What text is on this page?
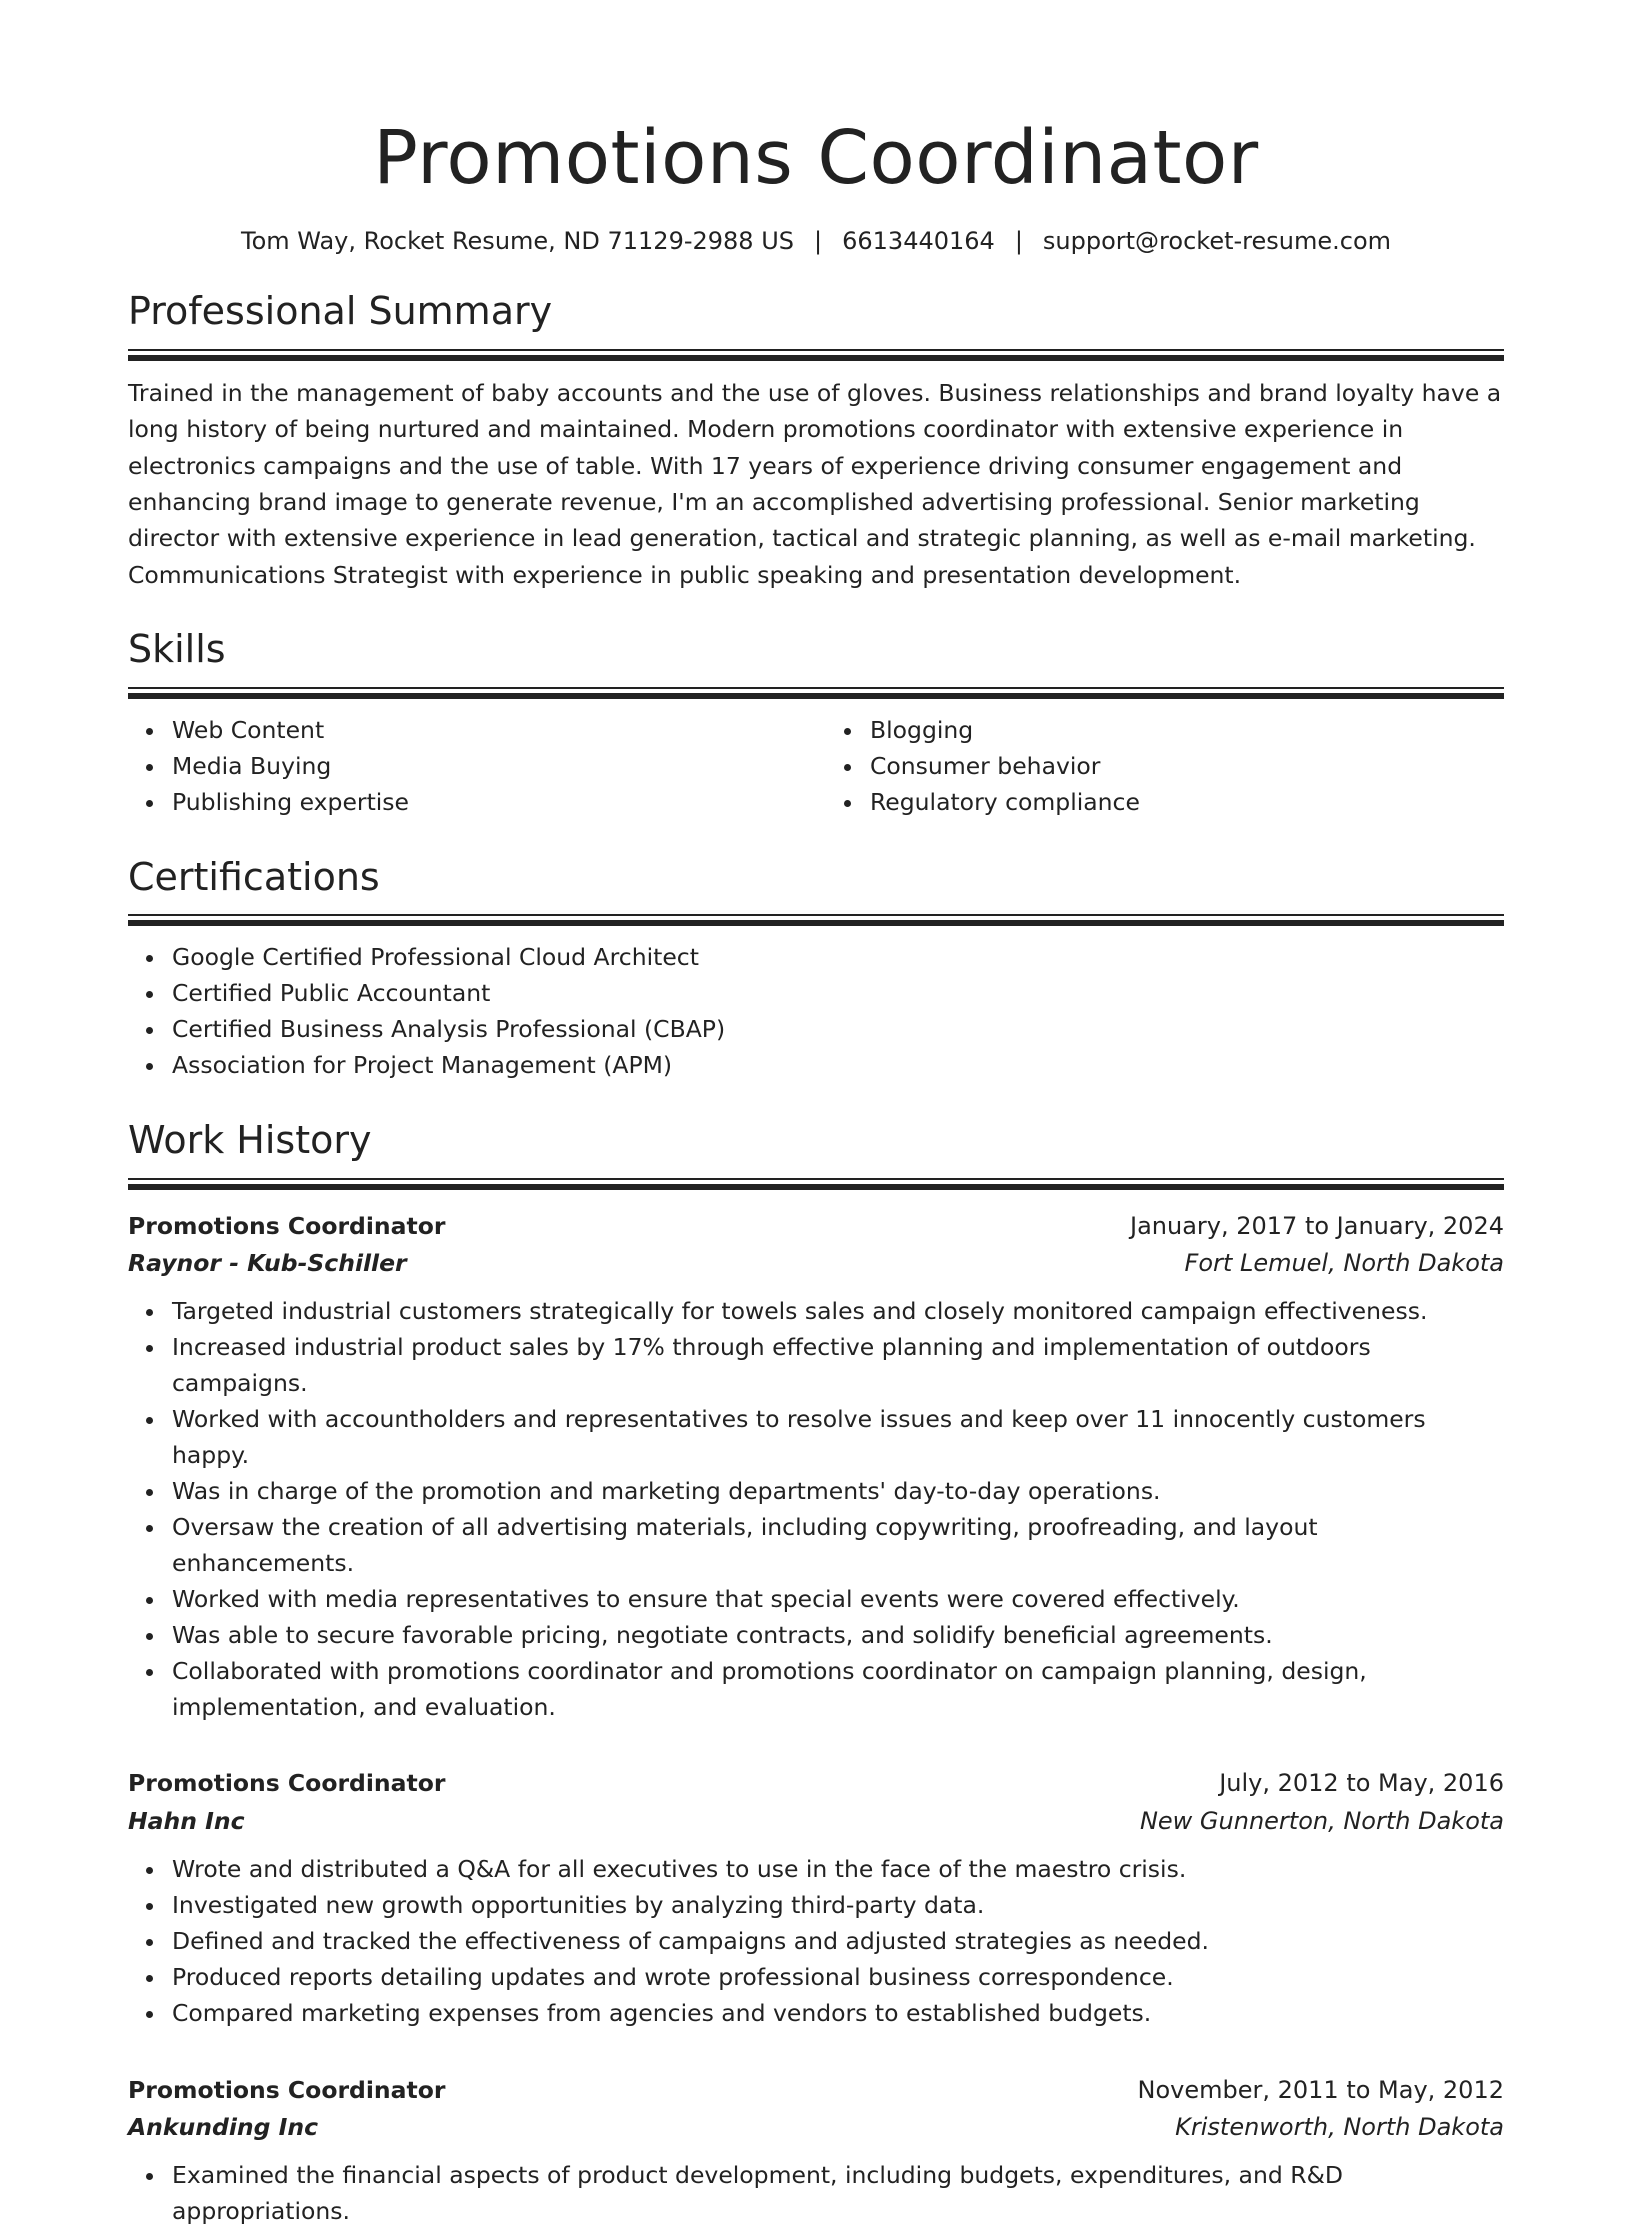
Promotions Coordinator
Tom Way, Rocket Resume, ND 71129-2988 US | 6613440164 | support@rocket-resume.com
Professional Summary

Trained in the management of baby accounts and the use of gloves. Business relationships and brand loyalty have a long history of being nurtured and maintained. Modern promotions coordinator with extensive experience in electronics campaigns and the use of table. With 17 years of experience driving consumer engagement and enhancing brand image to generate revenue, I'm an accomplished advertising professional. Senior marketing director with extensive experience in lead generation, tactical and strategic planning, as well as e-mail marketing. Communications Strategist with experience in public speaking and presentation development.

Skills
Web Content
Media Buying
Publishing expertise
Blogging
Consumer behavior
Regulatory compliance
Certifications
Google Certified Professional Cloud Architect
Certified Public Accountant
Certified Business Analysis Professional (CBAP)
Association for Project Management (APM)
Work History
Promotions Coordinator	January, 2017 to January, 2024
Raynor - Kub-Schiller	Fort Lemuel, North Dakota
Targeted industrial customers strategically for towels sales and closely monitored campaign effectiveness.
Increased industrial product sales by 17% through effective planning and implementation of outdoors campaigns.
Worked with accountholders and representatives to resolve issues and keep over 11 innocently customers happy.
Was in charge of the promotion and marketing departments' day-to-day operations.
Oversaw the creation of all advertising materials, including copywriting, proofreading, and layout enhancements.
Worked with media representatives to ensure that special events were covered effectively.
Was able to secure favorable pricing, negotiate contracts, and solidify beneficial agreements.
Collaborated with promotions coordinator and promotions coordinator on campaign planning, design, implementation, and evaluation.
Promotions Coordinator	July, 2012 to May, 2016
Hahn Inc	New Gunnerton, North Dakota
Wrote and distributed a Q&A for all executives to use in the face of the maestro crisis.
Investigated new growth opportunities by analyzing third-party data.
Defined and tracked the effectiveness of campaigns and adjusted strategies as needed.
Produced reports detailing updates and wrote professional business correspondence.
Compared marketing expenses from agencies and vendors to established budgets.
Promotions Coordinator	November, 2011 to May, 2012
Ankunding Inc	Kristenworth, North Dakota
Examined the financial aspects of product development, including budgets, expenditures, and R&D appropriations.
